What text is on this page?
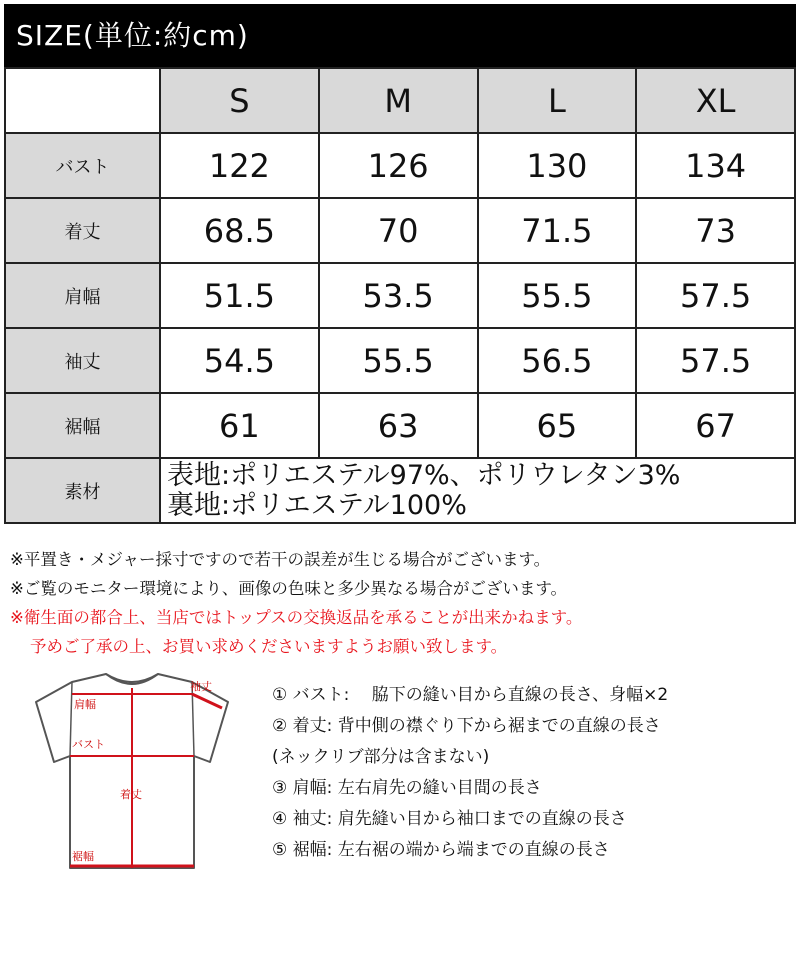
SIZE(単位:約cm)
	S	M	L	XL
バスト	122	126	130	134
着丈	68.5	70	71.5	73
肩幅	51.5	53.5	55.5	57.5
袖丈	54.5	55.5	56.5	57.5
裾幅	61	63	65	67
素材	表地:ポリエステル97%、ポリウレタン3%
裏地:ポリエステル100%			
※平置き・メジャー採寸ですので若干の誤差が生じる場合がございます。
※ご覧のモニター環境により、画像の色味と多少異なる場合がございます。
※衛生面の都合上、当店ではトップスの交換返品を承ることが出来かねます。
予めご了承の上、お買い求めくださいますようお願い致します。
袖丈
肩幅
バスト
着丈
裾幅
① バスト:　 脇下の縫い目から直線の長さ、身幅×2
② 着丈: 背中側の襟ぐり下から裾までの直線の長さ
(ネックリブ部分は含まない)
③ 肩幅: 左右肩先の縫い目間の長さ
④ 袖丈: 肩先縫い目から袖口までの直線の長さ
⑤ 裾幅: 左右裾の端から端までの直線の長さ
